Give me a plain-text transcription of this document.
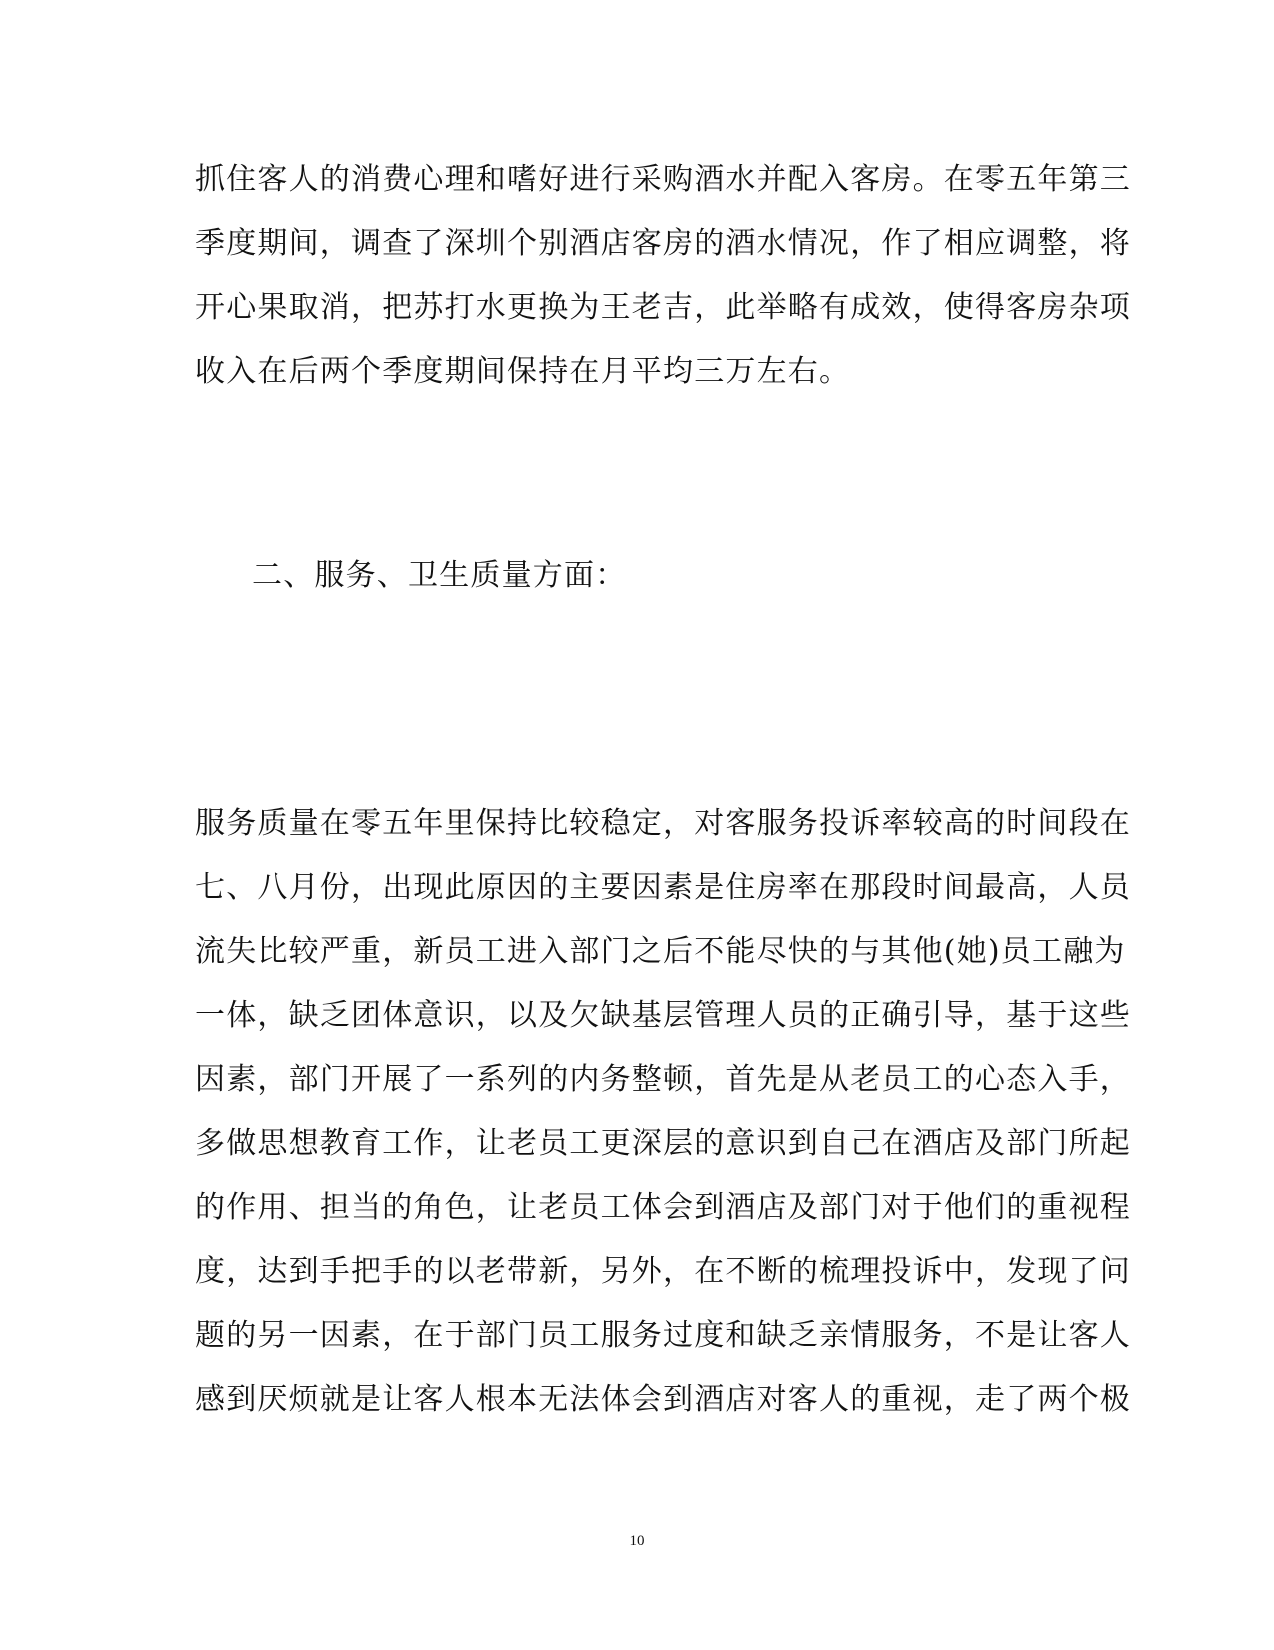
抓住客人的消费心理和嗜好进行采购酒水并配入客房。在零五年第三
季度期间，调查了深圳个别酒店客房的酒水情况，作了相应调整，将
开心果取消，把苏打水更换为王老吉，此举略有成效，使得客房杂项
收入在后两个季度期间保持在月平均三万左右。
二、服务、卫生质量方面：
服务质量在零五年里保持比较稳定，对客服务投诉率较高的时间段在
七、八月份，出现此原因的主要因素是住房率在那段时间最高，人员
流失比较严重，新员工进入部门之后不能尽快的与其他(她)员工融为
一体，缺乏团体意识，以及欠缺基层管理人员的正确引导，基于这些
因素，部门开展了一系列的内务整顿，首先是从老员工的心态入手，
多做思想教育工作，让老员工更深层的意识到自己在酒店及部门所起
的作用、担当的角色，让老员工体会到酒店及部门对于他们的重视程
度，达到手把手的以老带新，另外，在不断的梳理投诉中，发现了问
题的另一因素，在于部门员工服务过度和缺乏亲情服务，不是让客人
感到厌烦就是让客人根本无法体会到酒店对客人的重视，走了两个极
10
